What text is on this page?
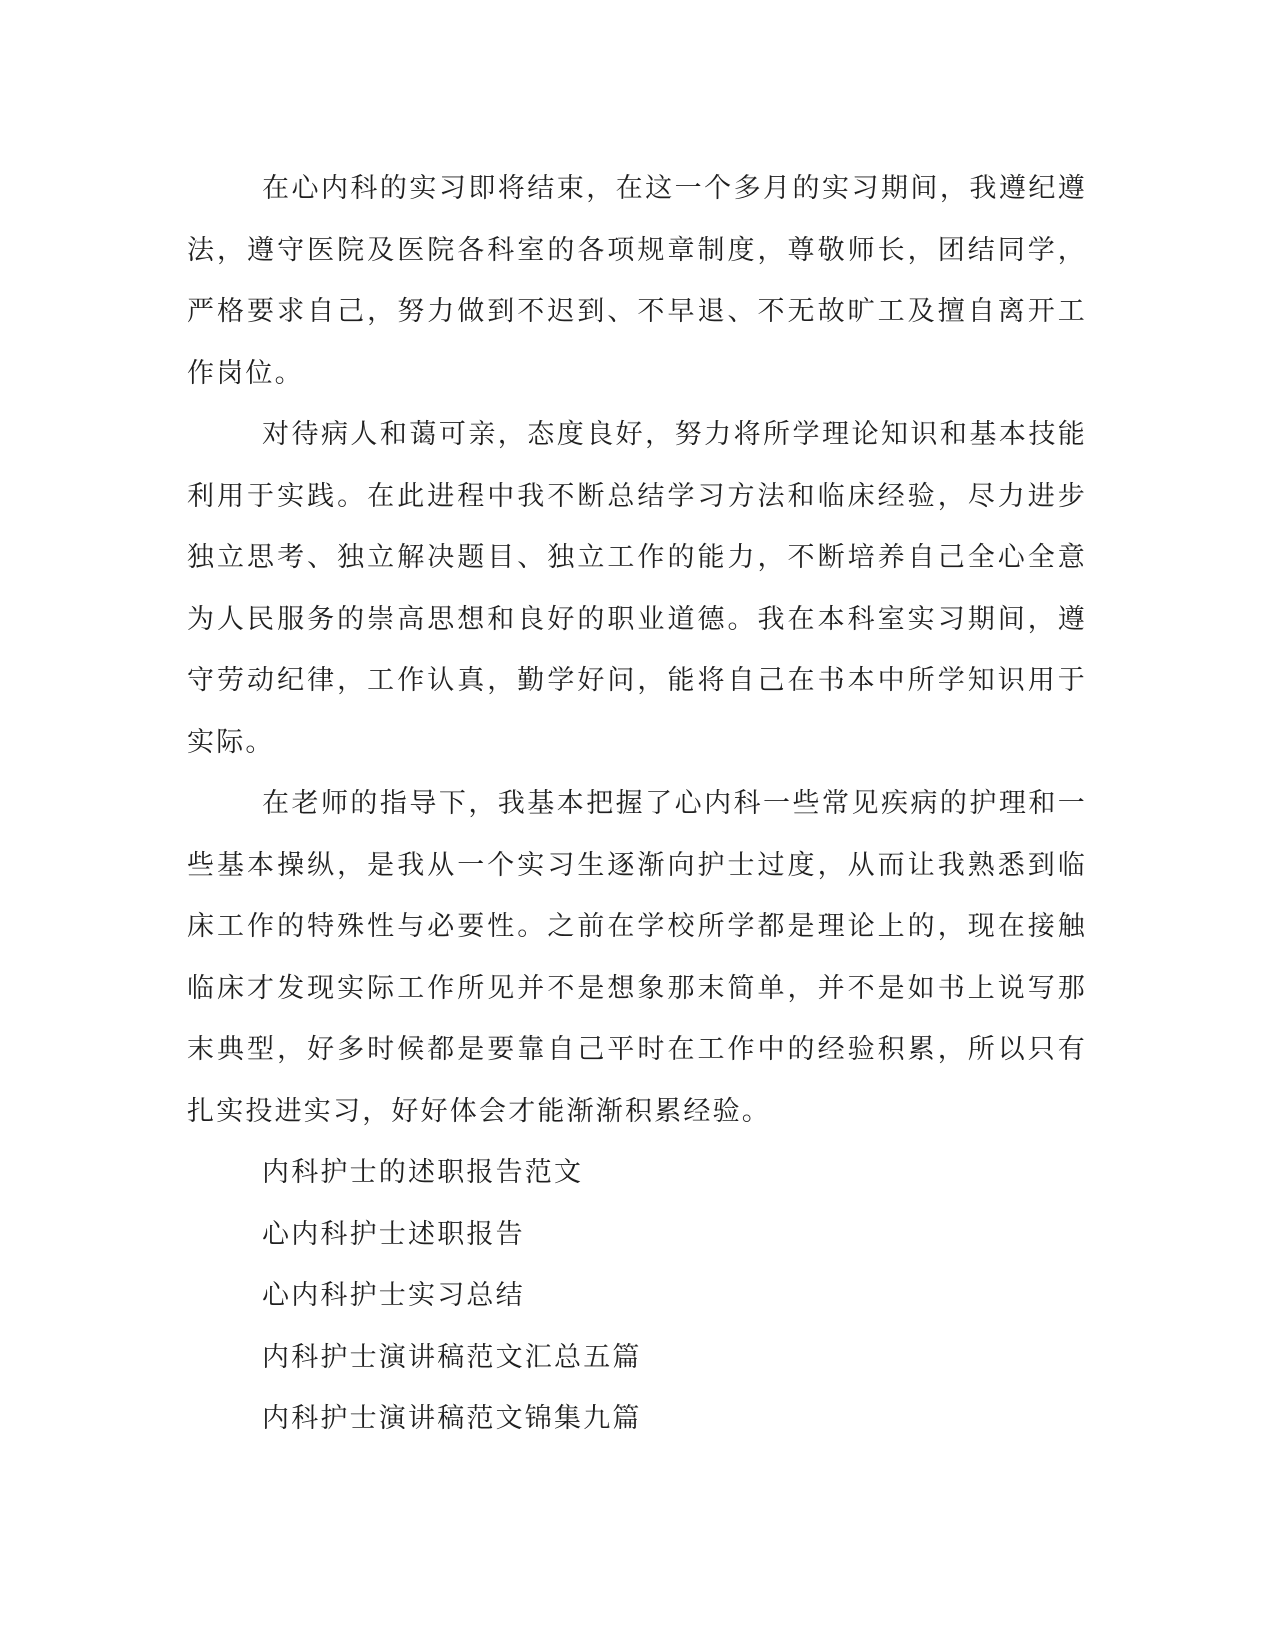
在心内科的实习即将结束，在这一个多月的实习期间，我遵纪遵法，遵守医院及医院各科室的各项规章制度，尊敬师长，团结同学，严格要求自己，努力做到不迟到、不早退、不无故旷工及擅自离开工作岗位。

对待病人和蔼可亲，态度良好，努力将所学理论知识和基本技能利用于实践。在此进程中我不断总结学习方法和临床经验，尽力进步独立思考、独立解决题目、独立工作的能力，不断培养自己全心全意为人民服务的崇高思想和良好的职业道德。我在本科室实习期间，遵守劳动纪律，工作认真，勤学好问，能将自己在书本中所学知识用于实际。

在老师的指导下，我基本把握了心内科一些常见疾病的护理和一些基本操纵，是我从一个实习生逐渐向护士过度，从而让我熟悉到临床工作的特殊性与必要性。之前在学校所学都是理论上的，现在接触临床才发现实际工作所见并不是想象那末简单，并不是如书上说写那末典型，好多时候都是要靠自己平时在工作中的经验积累，所以只有扎实投进实习，好好体会才能渐渐积累经验。

内科护士的述职报告范文
心内科护士述职报告
心内科护士实习总结
内科护士演讲稿范文汇总五篇
内科护士演讲稿范文锦集九篇
